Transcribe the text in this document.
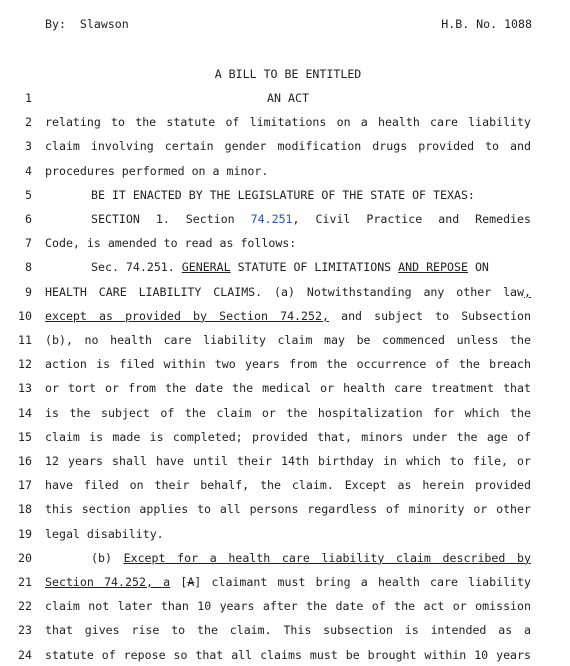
By:  Slawson	H.B. No. 1088
A BILL TO BE ENTITLED
1	AN ACT
2 relating to the statute of limitations on a health care liability
3 claim involving certain gender modification drugs provided to and
4 procedures performed on a minor.
5	BE IT ENACTED BY THE LEGISLATURE OF THE STATE OF TEXAS:
6	SECTION 1. Section 74.251, Civil Practice and Remedies
7 Code, is amended to read as follows:
8	Sec. 74.251. GENERAL STATUTE OF LIMITATIONS AND REPOSE ON
9 HEALTH CARE LIABILITY CLAIMS. (a) Notwithstanding any other law,
10 except as provided by Section 74.252, and subject to Subsection
11 (b), no health care liability claim may be commenced unless the
12 action is filed within two years from the occurrence of the breach
13 or tort or from the date the medical or health care treatment that
14 is the subject of the claim or the hospitalization for which the
15 claim is made is completed; provided that, minors under the age of
16 12 years shall have until their 14th birthday in which to file, or
17 have filed on their behalf, the claim. Except as herein provided
18 this section applies to all persons regardless of minority or other
19 legal disability.
20	(b) Except for a health care liability claim described by
21 Section 74.252, a [A] claimant must bring a health care liability
22 claim not later than 10 years after the date of the act or omission
23 that gives rise to the claim. This subsection is intended as a
24 statute of repose so that all claims must be brought within 10 years
